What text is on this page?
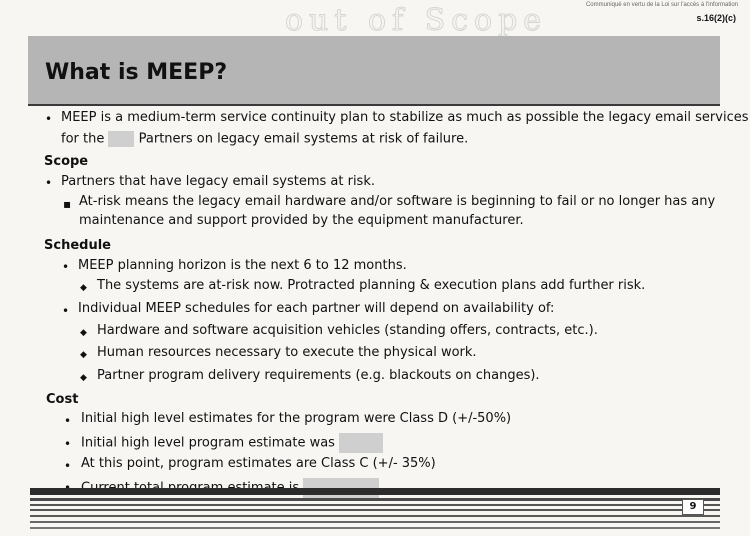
Communiqué en vertu de la Loi sur l'accès à l'information
s.16(2)(c)
out of Scope
What is MEEP?
• MEEP is a medium-term service continuity plan to stabilize as much as possible the legacy email services
for the	Partners on legacy email systems at risk of failure.
Scope
• Partners that have legacy email systems at risk.
▪ At-risk means the legacy email hardware and/or software is beginning to fail or no longer has any
maintenance and support provided by the equipment manufacturer.
Schedule
• MEEP planning horizon is the next 6 to 12 months.
◆ The systems are at-risk now. Protracted planning & execution plans add further risk.
• Individual MEEP schedules for each partner will depend on availability of:
◆ Hardware and software acquisition vehicles (standing offers, contracts, etc.).
◆ Human resources necessary to execute the physical work.
◆ Partner program delivery requirements (e.g. blackouts on changes).
Cost
• Initial high level estimates for the program were Class D (+/-50%)
• Initial high level program estimate was
• At this point, program estimates are Class C (+/- 35%)
9
